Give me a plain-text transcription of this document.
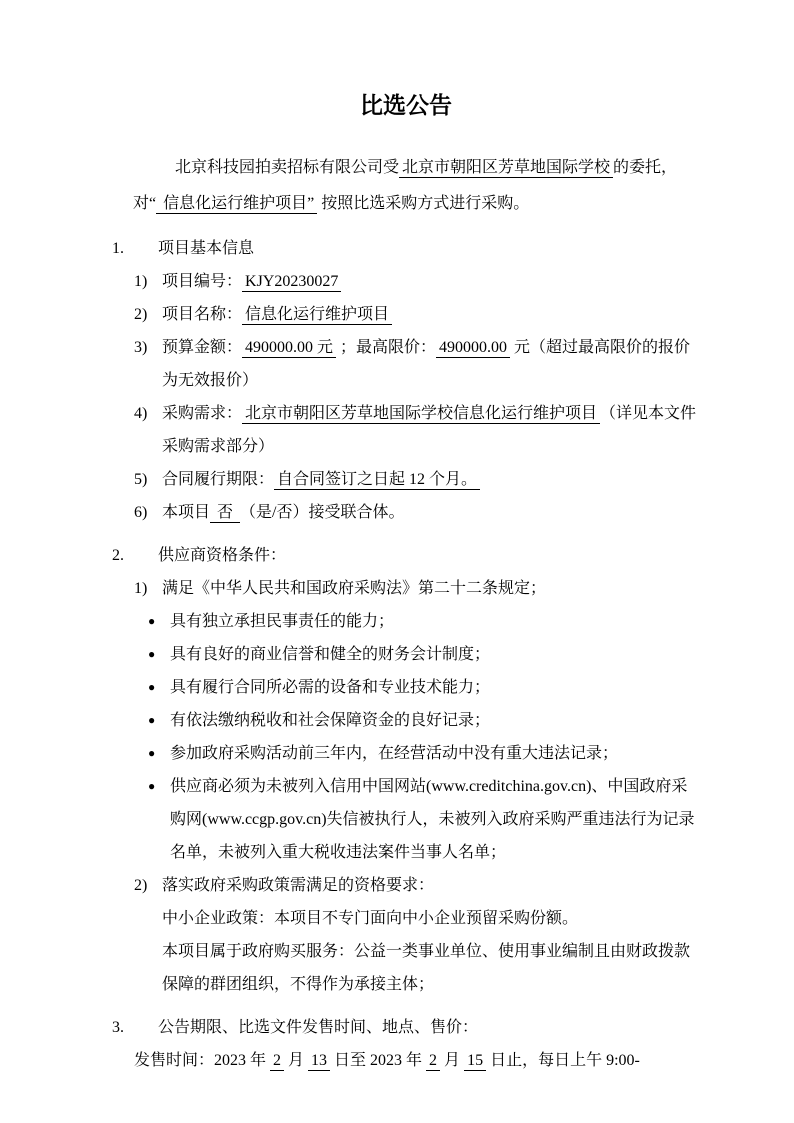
比选公告

北京科技园拍卖招标有限公司受 北京市朝阳区芳草地国际学校 的委托，对“ 信息化运行维护项目” 按照比选采购方式进行采购。

1. 项目基本信息
1) 项目编号： KJY20230027
2) 项目名称： 信息化运行维护项目
3) 预算金额： 490000.00 元 ；最高限价： 490000.00 元（超过最高限价的报价为无效报价）
4) 采购需求： 北京市朝阳区芳草地国际学校信息化运行维护项目 （详见本文件采购需求部分）
5) 合同履行期限： 自合同签订之日起 12 个月。
6) 本项目 否 （是/否）接受联合体。
2. 供应商资格条件：
1) 满足《中华人民共和国政府采购法》第二十二条规定；
● 具有独立承担民事责任的能力；
● 具有良好的商业信誉和健全的财务会计制度；
● 具有履行合同所必需的设备和专业技术能力；
● 有依法缴纳税收和社会保障资金的良好记录；
● 参加政府采购活动前三年内，在经营活动中没有重大违法记录；
● 供应商必须为未被列入信用中国网站(www.creditchina.gov.cn)、中国政府采购网(www.ccgp.gov.cn)失信被执行人，未被列入政府采购严重违法行为记录名单，未被列入重大税收违法案件当事人名单；
2) 落实政府采购政策需满足的资格要求：
中小企业政策：本项目不专门面向中小企业预留采购份额。
本项目属于政府购买服务：公益一类事业单位、使用事业编制且由财政拨款保障的群团组织，不得作为承接主体；
3. 公告期限、比选文件发售时间、地点、售价：
发售时间：2023 年 2 月 13 日至 2023 年 2 月 15 日止，每日上午 9:00-
